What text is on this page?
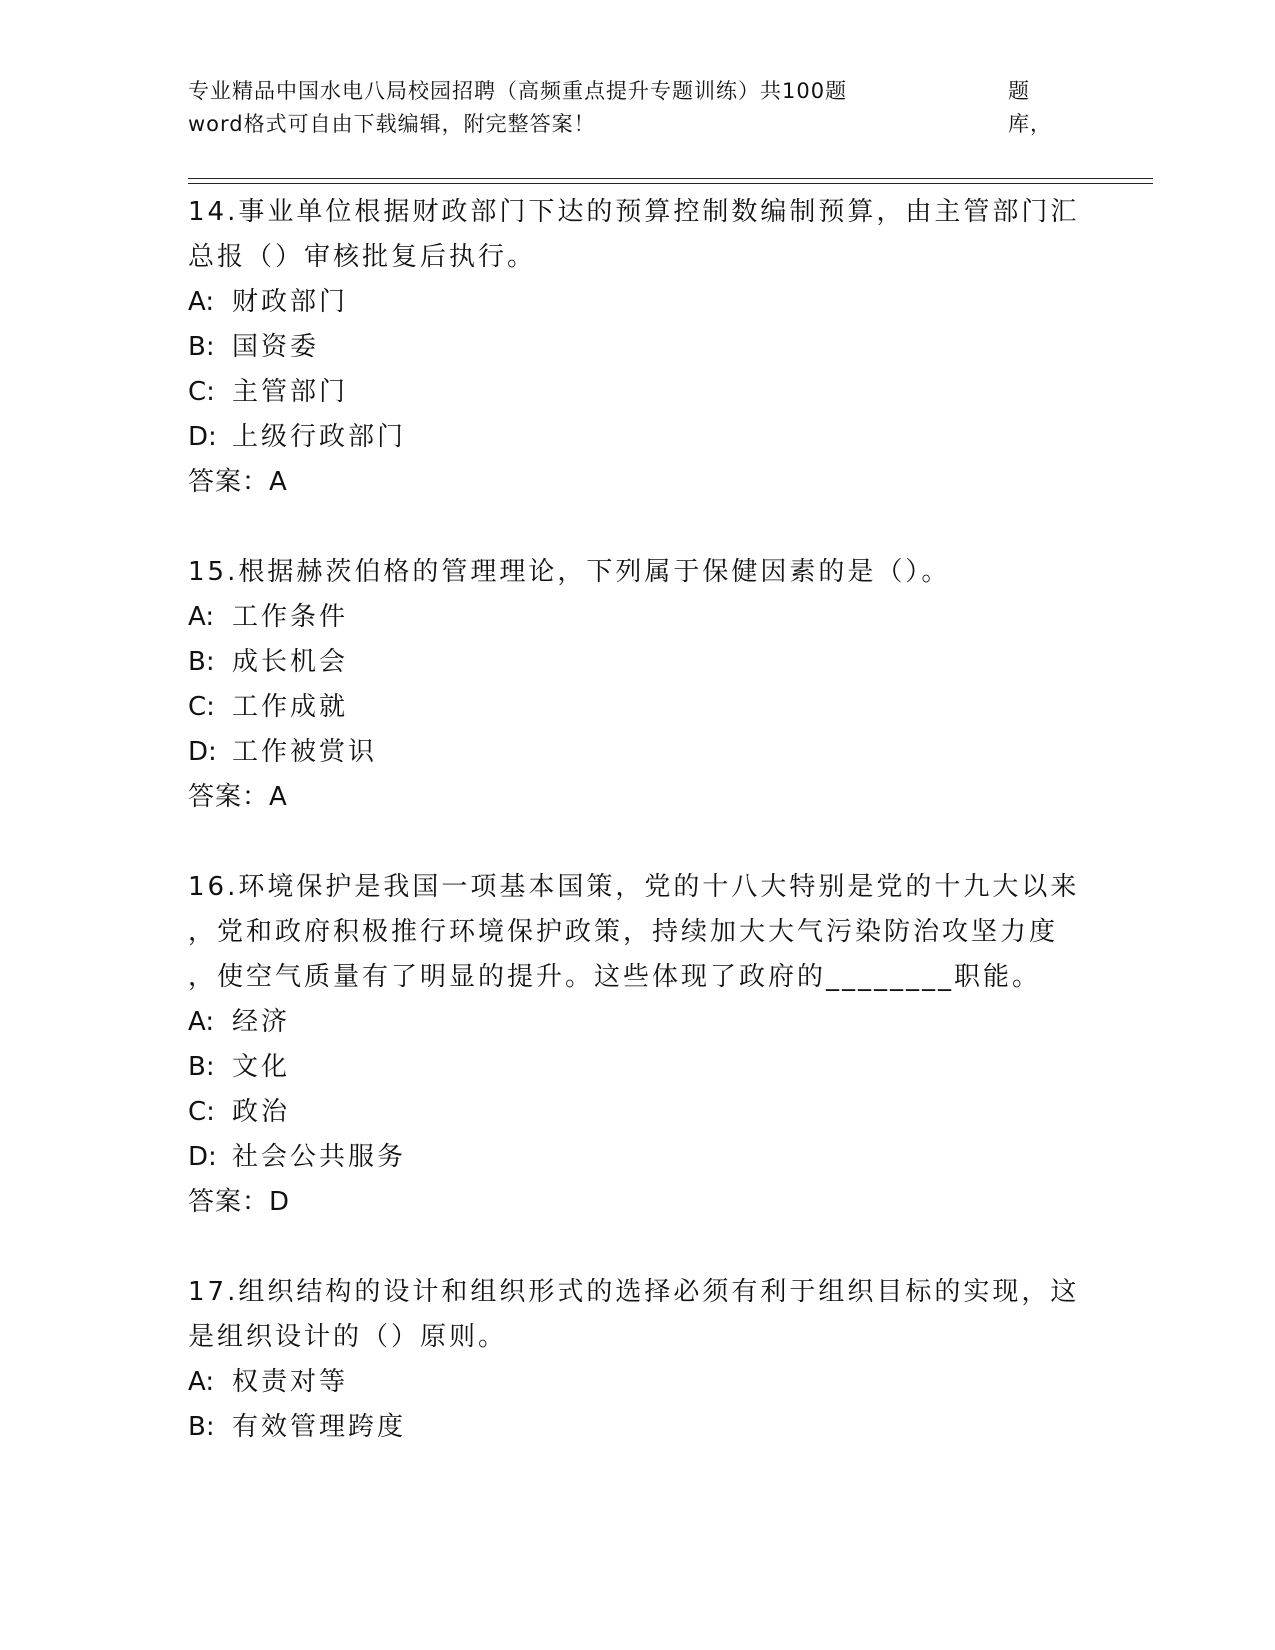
专业精品中国水电八局校园招聘（高频重点提升专题训练）共100题	题库，
word格式可自由下载编辑，附完整答案！
14.事业单位根据财政部门下达的预算控制数编制预算，由主管部门汇
总报（）审核批复后执行。
A: 财政部门
B: 国资委
C: 主管部门
D: 上级行政部门
答案：A
15.根据赫茨伯格的管理理论，下列属于保健因素的是（）。
A: 工作条件
B: 成长机会
C: 工作成就
D: 工作被赏识
答案：A
16.环境保护是我国一项基本国策，党的十八大特别是党的十九大以来
，党和政府积极推行环境保护政策，持续加大大气污染防治攻坚力度
，使空气质量有了明显的提升。这些体现了政府的________职能。
A: 经济
B: 文化
C: 政治
D: 社会公共服务
答案：D
17.组织结构的设计和组织形式的选择必须有利于组织目标的实现，这
是组织设计的（）原则。
A: 权责对等
B: 有效管理跨度
